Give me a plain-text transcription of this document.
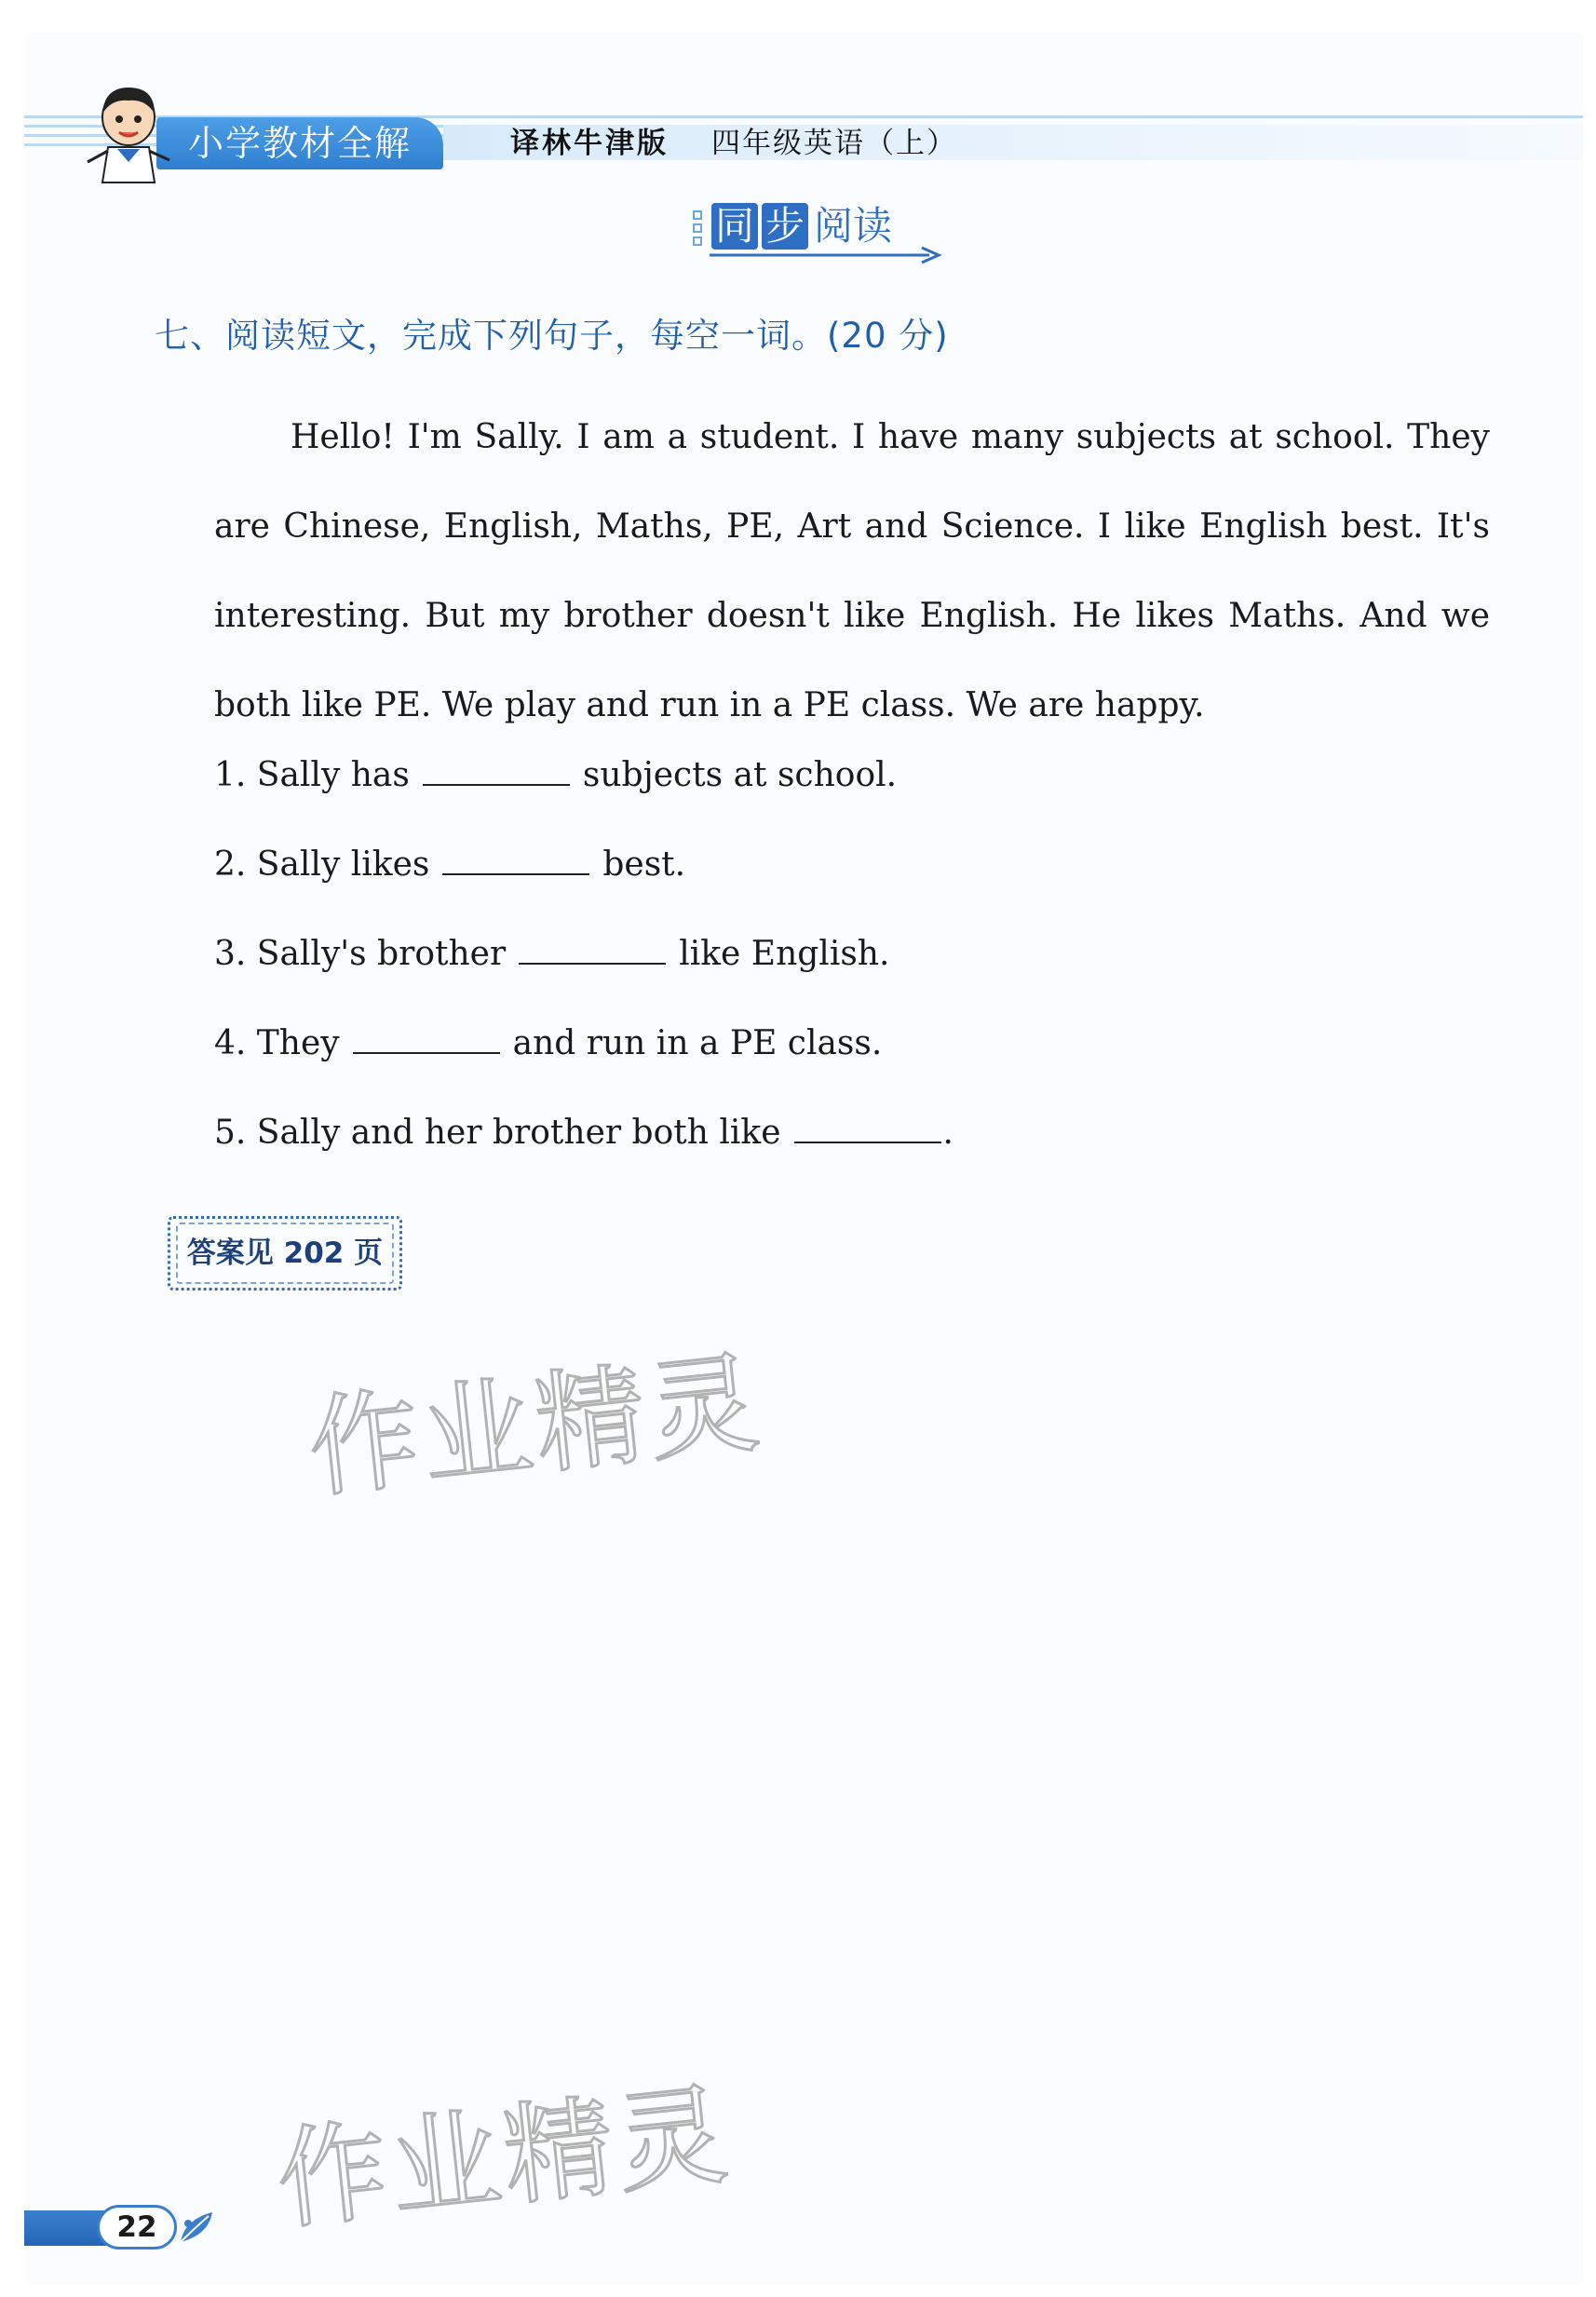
小学教材全解	译林牛津版 四年级英语（上）
同 步 阅读
七、阅读短文，完成下列句子，每空一词。(20 分)
Hello! I'm Sally. I am a student. I have many subjects at school. They are Chinese, English, Maths, PE, Art and Science. I like English best. It's interesting. But my brother doesn't like English. He likes Maths. And we both like PE. We play and run in a PE class. We are happy.
1. Sally has	subjects at school.
2. Sally likes	best.
3. Sally's brother	like English.
4. They	and run in a PE class.
5. Sally and her brother both like	.
答案见 202 页
作业精灵
作业精灵
22
